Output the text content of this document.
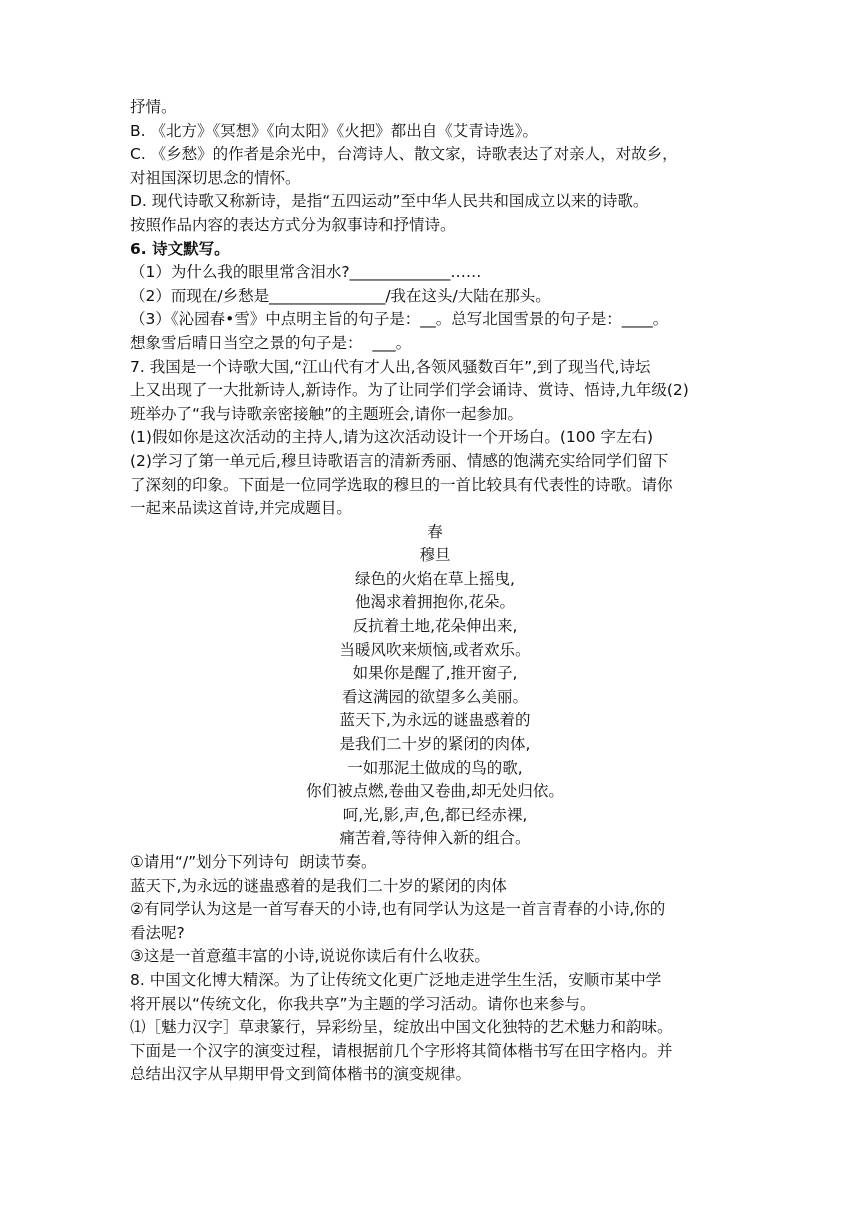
抒情。

B. 《北方》《冥想》《向太阳》《火把》都出自《艾青诗选》。

C. 《乡愁》的作者是余光中，台湾诗人、散文家，诗歌表达了对亲人，对故乡，

对祖国深切思念的情怀。

D. 现代诗歌又称新诗，是指“五四运动”至中华人民共和国成立以来的诗歌。

按照作品内容的表达方式分为叙事诗和抒情诗。

6. 诗文默写。

（1）为什么我的眼里常含泪水?_____________……

（2）而现在/乡愁是_______________/我在这头/大陆在那头。

（3）《沁园春•雪》中点明主旨的句子是：__。总写北国雪景的句子是：____。

想象雪后晴日当空之景的句子是：  ___。

7. 我国是一个诗歌大国,“江山代有才人出,各领风骚数百年”,到了现当代,诗坛

上又出现了一大批新诗人,新诗作。为了让同学们学会诵诗、赏诗、悟诗,九年级(2)

班举办了“我与诗歌亲密接触”的主题班会,请你一起参加。

(1)假如你是这次活动的主持人,请为这次活动设计一个开场白。(100 字左右)

(2)学习了第一单元后,穆旦诗歌语言的清新秀丽、情感的饱满充实给同学们留下

了深刻的印象。下面是一位同学选取的穆旦的一首比较具有代表性的诗歌。请你

一起来品读这首诗,并完成题目。

春

穆旦

绿色的火焰在草上摇曳,

他渴求着拥抱你,花朵。

反抗着土地,花朵伸出来,

当暖风吹来烦恼,或者欢乐。

如果你是醒了,推开窗子,

看这满园的欲望多么美丽。

蓝天下,为永远的谜蛊惑着的

是我们二十岁的紧闭的肉体,

一如那泥土做成的鸟的歌,

你们被点燃,卷曲又卷曲,却无处归依。

呵,光,影,声,色,都已经赤裸,

痛苦着,等待伸入新的组合。

①请用“/”划分下列诗句  朗读节奏。

蓝天下,为永远的谜蛊惑着的是我们二十岁的紧闭的肉体

②有同学认为这是一首写春天的小诗,也有同学认为这是一首言青春的小诗,你的

看法呢?

③这是一首意蕴丰富的小诗,说说你读后有什么收获。

8. 中国文化博大精深。为了让传统文化更广泛地走进学生生活，安顺市某中学

将开展以“传统文化，你我共享”为主题的学习活动。请你也来参与。

⑴［魅力汉字］草隶篆行，异彩纷呈，绽放出中国文化独特的艺术魅力和韵味。

下面是一个汉字的演变过程，请根据前几个字形将其简体楷书写在田字格内。并

总结出汉字从早期甲骨文到简体楷书的演变规律。
